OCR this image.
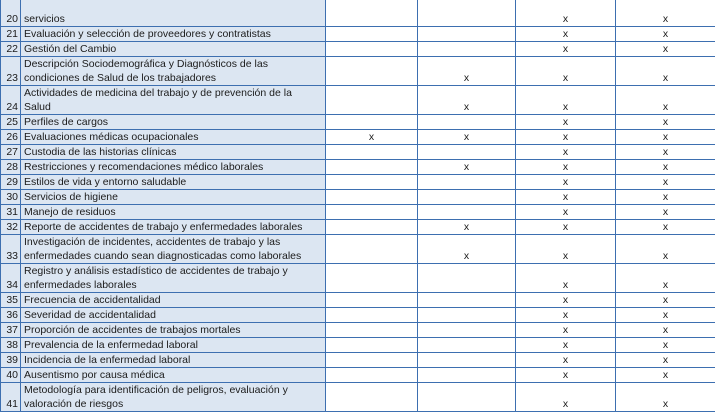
20	servicios			x	x
21	Evaluación y selección de proveedores y contratistas			x	x
22	Gestión del Cambio			x	x
23	Descripción Sociodemográfica y Diagnósticos de las
condiciones de Salud de los trabajadores		x	x	x
24	Actividades de medicina del trabajo y de prevención de la
Salud		x	x	x
25	Perfiles de cargos			x	x
26	Evaluaciones médicas ocupacionales	x	x	x	x
27	Custodia de las historias clínicas			x	x
28	Restricciones y recomendaciones médico laborales		x	x	x
29	Estilos de vida y entorno saludable			x	x
30	Servicios de higiene			x	x
31	Manejo de residuos			x	x
32	Reporte de accidentes de trabajo y enfermedades laborales		x	x	x
33	Investigación de incidentes, accidentes de trabajo y las
enfermedades cuando sean diagnosticadas como laborales		x	x	x
34	Registro y análisis estadístico de accidentes de trabajo y
enfermedades laborales			x	x
35	Frecuencia de accidentalidad			x	x
36	Severidad de accidentalidad			x	x
37	Proporción de accidentes de trabajos mortales			x	x
38	Prevalencia de la enfermedad laboral			x	x
39	Incidencia de la enfermedad laboral			x	x
40	Ausentismo por causa médica			x	x
41	Metodología para identificación de peligros, evaluación y
valoración de riesgos			x	x
